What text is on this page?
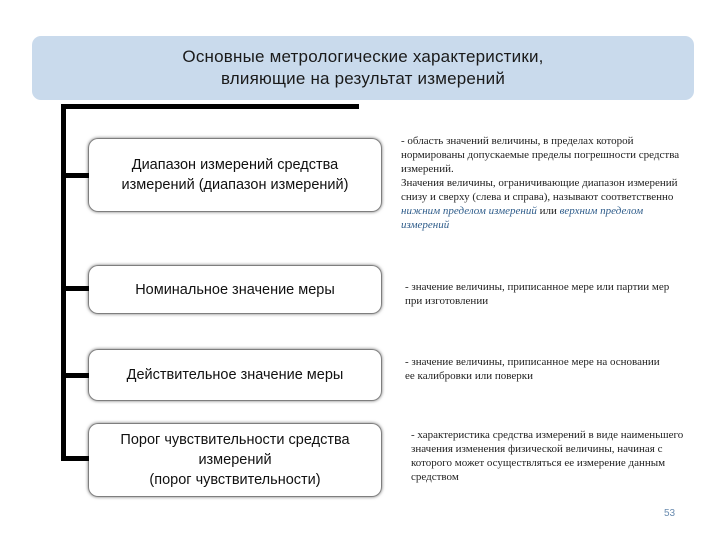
Основные метрологические характеристики,
влияющие на результат измерений
Диапазон измерений средства
измерений (диапазон измерений)

- область значений величины, в пределах которой нормированы допускаемые пределы погрешности средства измерений.

Значения величины, ограничивающие диапазон измерений снизу и сверху (слева и справа), называют соответственно нижним пределом измерений или верхним пределом измерений

Номинальное значение меры	- значение величины, приписанное мере или партии мер при изготовлении

Действительное значение меры

- значение величины, приписанное мере на основании ее калибровки или поверки

Порог чувствительности средства
измерений
(порог чувствительности)

- характеристика средства измерений в виде наименьшего значения изменения физической величины, начиная с которого может осуществляться ее измерение данным средством

53
